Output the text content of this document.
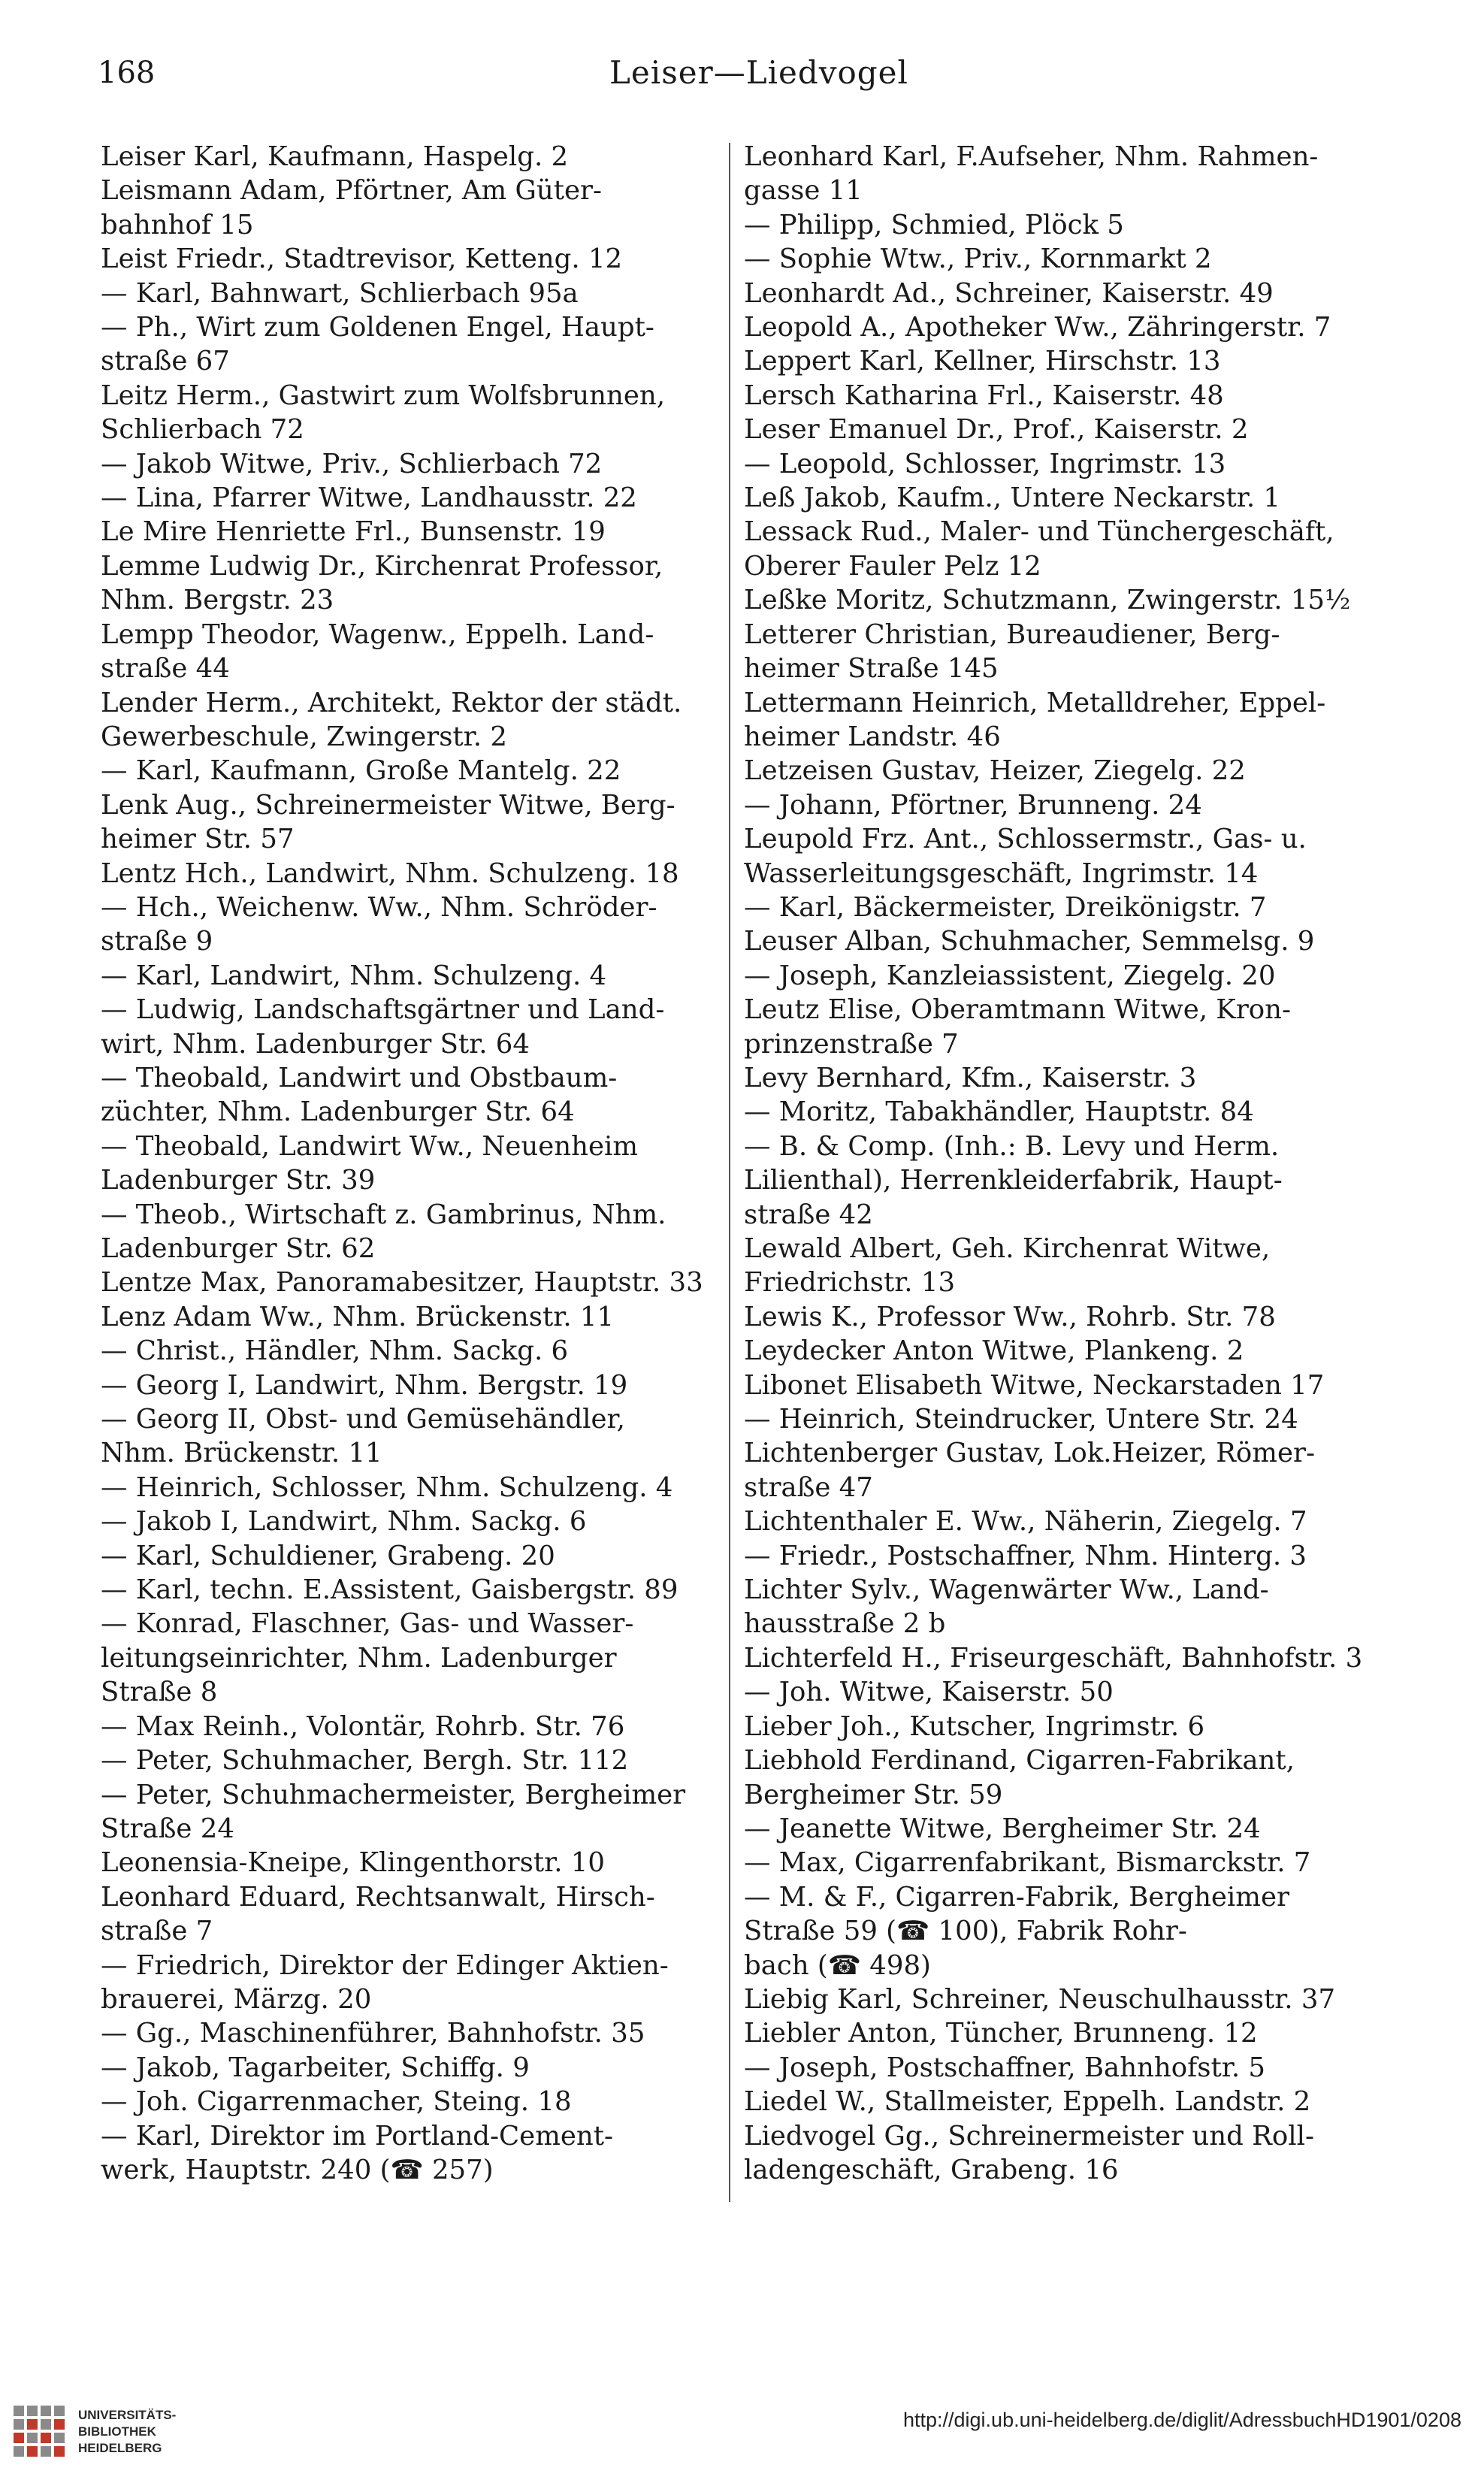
168	Leiser—Liedvogel
Leiser Karl, Kaufmann, Haspelg. 2
Leismann Adam, Pförtner, Am Güter-
bahnhof 15
Leist Friedr., Stadtrevisor, Ketteng. 12
— Karl, Bahnwart, Schlierbach 95a
— Ph., Wirt zum Goldenen Engel, Haupt-
straße 67
Leitz Herm., Gastwirt zum Wolfsbrunnen,
Schlierbach 72
— Jakob Witwe, Priv., Schlierbach 72
— Lina, Pfarrer Witwe, Landhausstr. 22
Le Mire Henriette Frl., Bunsenstr. 19
Lemme Ludwig Dr., Kirchenrat Professor,
Nhm. Bergstr. 23
Lempp Theodor, Wagenw., Eppelh. Land-
straße 44
Lender Herm., Architekt, Rektor der städt.
Gewerbeschule, Zwingerstr. 2
— Karl, Kaufmann, Große Mantelg. 22
Lenk Aug., Schreinermeister Witwe, Berg-
heimer Str. 57
Lentz Hch., Landwirt, Nhm. Schulzeng. 18
— Hch., Weichenw. Ww., Nhm. Schröder-
straße 9
— Karl, Landwirt, Nhm. Schulzeng. 4
— Ludwig, Landschaftsgärtner und Land-
wirt, Nhm. Ladenburger Str. 64
— Theobald, Landwirt und Obstbaum-
züchter, Nhm. Ladenburger Str. 64
— Theobald, Landwirt Ww., Neuenheim
Ladenburger Str. 39
— Theob., Wirtschaft z. Gambrinus, Nhm.
Ladenburger Str. 62
Lentze Max, Panoramabesitzer, Hauptstr. 33
Lenz Adam Ww., Nhm. Brückenstr. 11
— Christ., Händler, Nhm. Sackg. 6
— Georg I, Landwirt, Nhm. Bergstr. 19
— Georg II, Obst- und Gemüsehändler,
Nhm. Brückenstr. 11
— Heinrich, Schlosser, Nhm. Schulzeng. 4
— Jakob I, Landwirt, Nhm. Sackg. 6
— Karl, Schuldiener, Grabeng. 20
— Karl, techn. E.Assistent, Gaisbergstr. 89
— Konrad, Flaschner, Gas- und Wasser-
leitungseinrichter, Nhm. Ladenburger
Straße 8
— Max Reinh., Volontär, Rohrb. Str. 76
— Peter, Schuhmacher, Bergh. Str. 112
— Peter, Schuhmachermeister, Bergheimer
Straße 24
Leonensia-Kneipe, Klingenthorstr. 10
Leonhard Eduard, Rechtsanwalt, Hirsch-
straße 7
— Friedrich, Direktor der Edinger Aktien-
brauerei, Märzg. 20
— Gg., Maschinenführer, Bahnhofstr. 35
— Jakob, Tagarbeiter, Schiffg. 9
— Joh. Cigarrenmacher, Steing. 18
— Karl, Direktor im Portland-Cement-
werk, Hauptstr. 240 (☎ 257)
Leonhard Karl, F.Aufseher, Nhm. Rahmen-
gasse 11
— Philipp, Schmied, Plöck 5
— Sophie Wtw., Priv., Kornmarkt 2
Leonhardt Ad., Schreiner, Kaiserstr. 49
Leopold A., Apotheker Ww., Zähringerstr. 7
Leppert Karl, Kellner, Hirschstr. 13
Lersch Katharina Frl., Kaiserstr. 48
Leser Emanuel Dr., Prof., Kaiserstr. 2
— Leopold, Schlosser, Ingrimstr. 13
Leß Jakob, Kaufm., Untere Neckarstr. 1
Lessack Rud., Maler- und Tünchergeschäft,
Oberer Fauler Pelz 12
Leßke Moritz, Schutzmann, Zwingerstr. 15½
Letterer Christian, Bureaudiener, Berg-
heimer Straße 145
Lettermann Heinrich, Metalldreher, Eppel-
heimer Landstr. 46
Letzeisen Gustav, Heizer, Ziegelg. 22
— Johann, Pförtner, Brunneng. 24
Leupold Frz. Ant., Schlossermstr., Gas- u.
Wasserleitungsgeschäft, Ingrimstr. 14
— Karl, Bäckermeister, Dreikönigstr. 7
Leuser Alban, Schuhmacher, Semmelsg. 9
— Joseph, Kanzleiassistent, Ziegelg. 20
Leutz Elise, Oberamtmann Witwe, Kron-
prinzenstraße 7
Levy Bernhard, Kfm., Kaiserstr. 3
— Moritz, Tabakhändler, Hauptstr. 84
— B. & Comp. (Inh.: B. Levy und Herm.
Lilienthal), Herrenkleiderfabrik, Haupt-
straße 42
Lewald Albert, Geh. Kirchenrat Witwe,
Friedrichstr. 13
Lewis K., Professor Ww., Rohrb. Str. 78
Leydecker Anton Witwe, Plankeng. 2
Libonet Elisabeth Witwe, Neckarstaden 17
— Heinrich, Steindrucker, Untere Str. 24
Lichtenberger Gustav, Lok.Heizer, Römer-
straße 47
Lichtenthaler E. Ww., Näherin, Ziegelg. 7
— Friedr., Postschaffner, Nhm. Hinterg. 3
Lichter Sylv., Wagenwärter Ww., Land-
hausstraße 2 b
Lichterfeld H., Friseurgeschäft, Bahnhofstr. 3
— Joh. Witwe, Kaiserstr. 50
Lieber Joh., Kutscher, Ingrimstr. 6
Liebhold Ferdinand, Cigarren-Fabrikant,
Bergheimer Str. 59
— Jeanette Witwe, Bergheimer Str. 24
— Max, Cigarrenfabrikant, Bismarckstr. 7
— M. & F., Cigarren-Fabrik, Bergheimer
Straße 59 (☎ 100), Fabrik Rohr-
bach (☎ 498)
Liebig Karl, Schreiner, Neuschulhausstr. 37
Liebler Anton, Tüncher, Brunneng. 12
— Joseph, Postschaffner, Bahnhofstr. 5
Liedel W., Stallmeister, Eppelh. Landstr. 2
Liedvogel Gg., Schreinermeister und Roll-
ladengeschäft, Grabeng. 16
UNIVERSITÄTS-
BIBLIOTHEK
HEIDELBERG
http://digi.ub.uni-heidelberg.de/diglit/AdressbuchHD1901/0208
